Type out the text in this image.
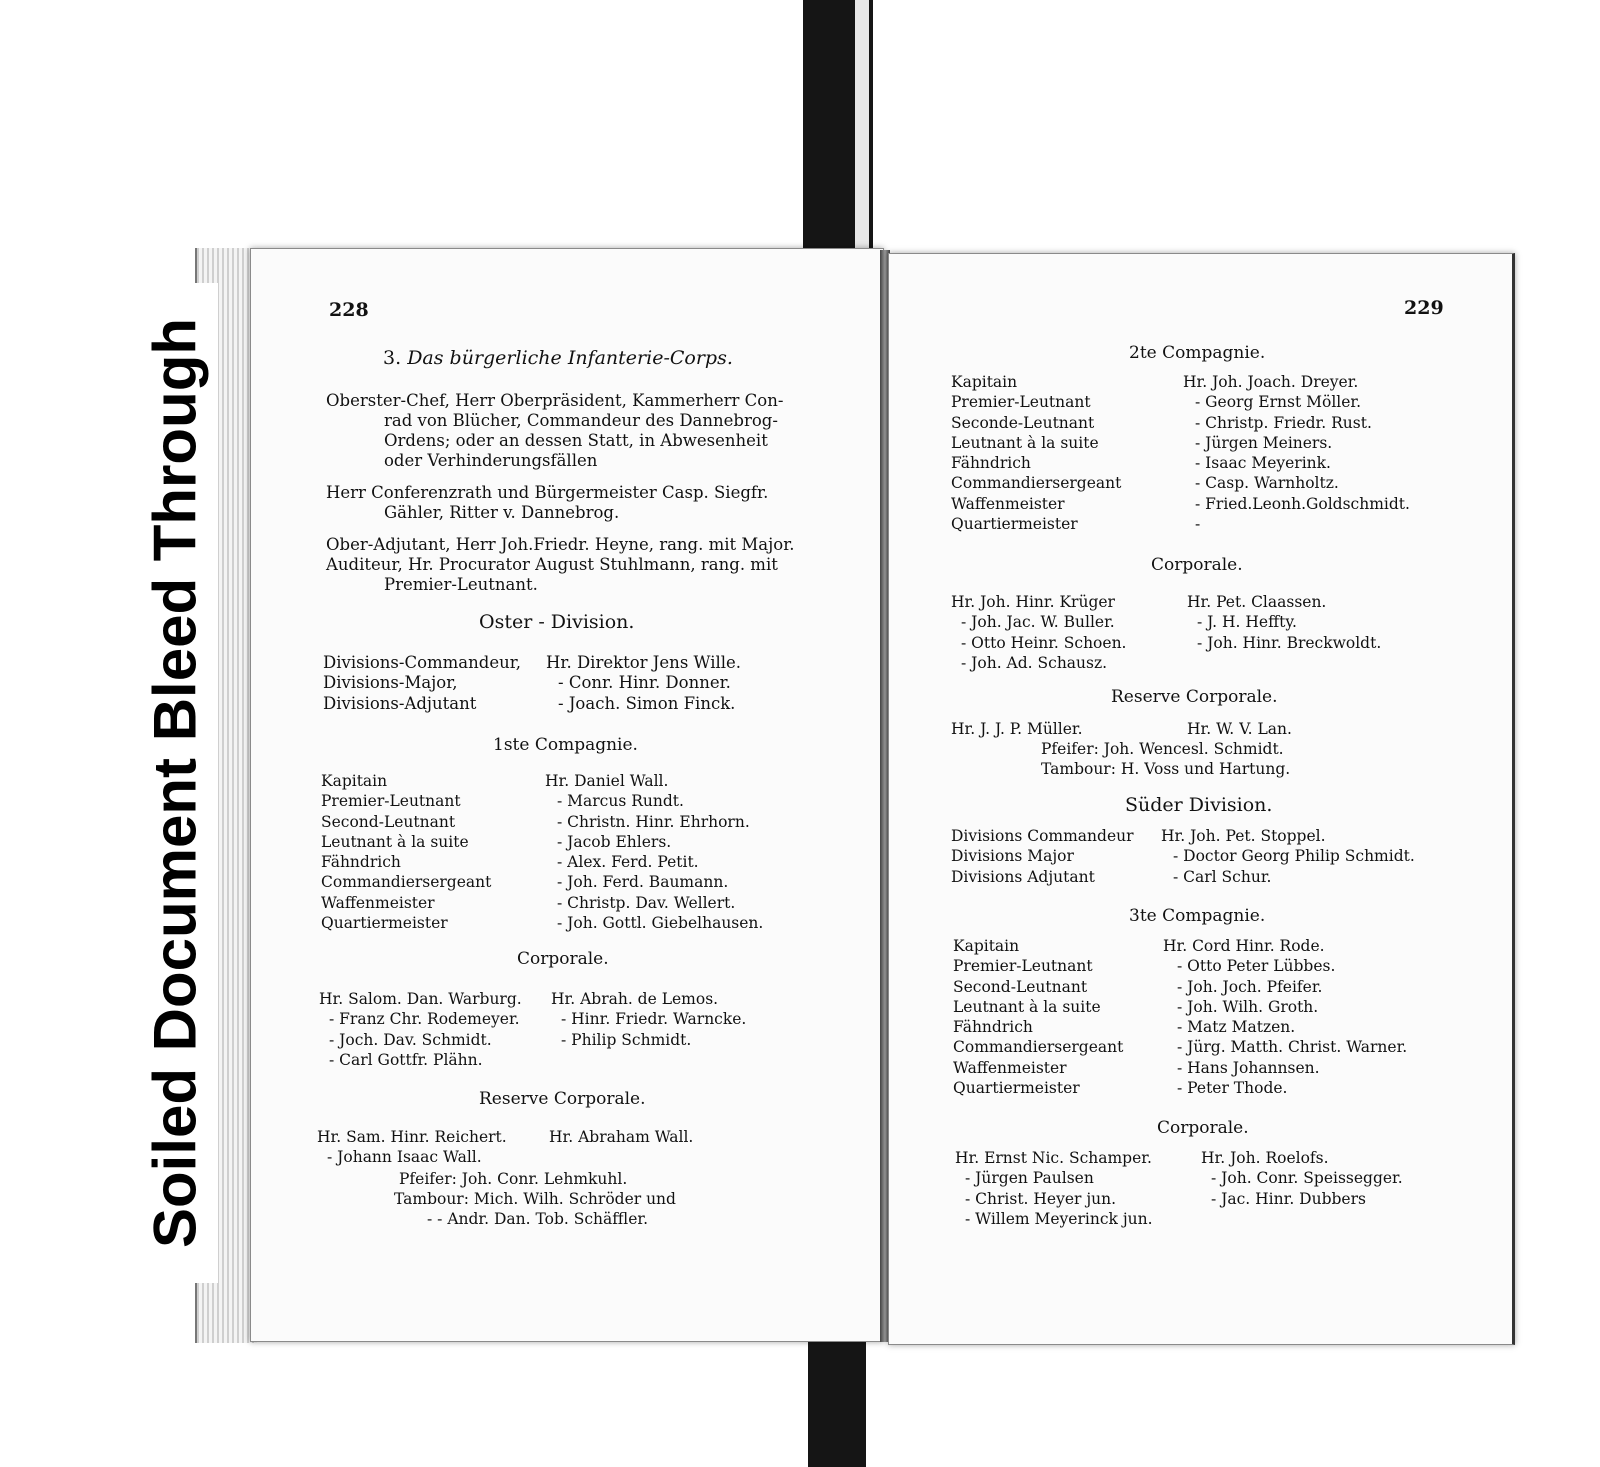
Soiled Document Bleed Through
228
3. Das bürgerliche Infanterie-Corps.
Oberster-Chef, Herr Oberpräsident, Kammerherr Con-
rad von Blücher, Commandeur des Dannebrog-
Ordens; oder an dessen Statt, in Abwesenheit
oder Verhinderungsfällen
Herr Conferenzrath und Bürgermeister Casp. Siegfr.
Gähler, Ritter v. Dannebrog.
Ober-Adjutant, Herr Joh.Friedr. Heyne, rang. mit Major.
Auditeur, Hr. Procurator August Stuhlmann, rang. mit
Premier-Leutnant.
Oster - Division.
Divisions-Commandeur,
Divisions-Major,
Divisions-Adjutant
Hr. Direktor Jens Wille.
- Conr. Hinr. Donner.
- Joach. Simon Finck.
1ste Compagnie.
Kapitain
Premier-Leutnant
Second-Leutnant
Leutnant à la suite
Fähndrich
Commandiersergeant
Waffenmeister
Quartiermeister
Hr. Daniel Wall.
- Marcus Rundt.
- Christn. Hinr. Ehrhorn.
- Jacob Ehlers.
- Alex. Ferd. Petit.
- Joh. Ferd. Baumann.
- Christp. Dav. Wellert.
- Joh. Gottl. Giebelhausen.
Corporale.
Hr. Salom. Dan. Warburg.
- Franz Chr. Rodemeyer.
- Joch. Dav. Schmidt.
- Carl Gottfr. Plähn.
Hr. Abrah. de Lemos.
- Hinr. Friedr. Warncke.
- Philip Schmidt.
Reserve Corporale.
Hr. Sam. Hinr. Reichert.
- Johann Isaac Wall.
Hr. Abraham Wall.
Pfeifer: Joh. Conr. Lehmkuhl.
Tambour: Mich. Wilh. Schröder und
- - Andr. Dan. Tob. Schäffler.
229
2te Compagnie.
Kapitain
Premier-Leutnant
Seconde-Leutnant
Leutnant à la suite
Fähndrich
Commandiersergeant
Waffenmeister
Quartiermeister
Hr. Joh. Joach. Dreyer.
- Georg Ernst Möller.
- Christp. Friedr. Rust.
- Jürgen Meiners.
- Isaac Meyerink.
- Casp. Warnholtz.
- Fried.Leonh.Goldschmidt.
-
Corporale.
Hr. Joh. Hinr. Krüger
- Joh. Jac. W. Buller.
- Otto Heinr. Schoen.
- Joh. Ad. Schausz.
Hr. Pet. Claassen.
- J. H. Heffty.
- Joh. Hinr. Breckwoldt.
Reserve Corporale.
Hr. J. J. P. Müller.	Hr. W. V. Lan.
Pfeifer: Joh. Wencesl. Schmidt.
Tambour: H. Voss und Hartung.
Süder Division.
Divisions Commandeur
Divisions Major
Divisions Adjutant
Hr. Joh. Pet. Stoppel.
- Doctor Georg Philip Schmidt.
- Carl Schur.
3te Compagnie.
Kapitain
Premier-Leutnant
Second-Leutnant
Leutnant à la suite
Fähndrich
Commandiersergeant
Waffenmeister
Quartiermeister
Hr. Cord Hinr. Rode.
- Otto Peter Lübbes.
- Joh. Joch. Pfeifer.
- Joh. Wilh. Groth.
- Matz Matzen.
- Jürg. Matth. Christ. Warner.
- Hans Johannsen.
- Peter Thode.
Corporale.
Hr. Ernst Nic. Schamper.
- Jürgen Paulsen
- Christ. Heyer jun.
- Willem Meyerinck jun.
Hr. Joh. Roelofs.
- Joh. Conr. Speissegger.
- Jac. Hinr. Dubbers
